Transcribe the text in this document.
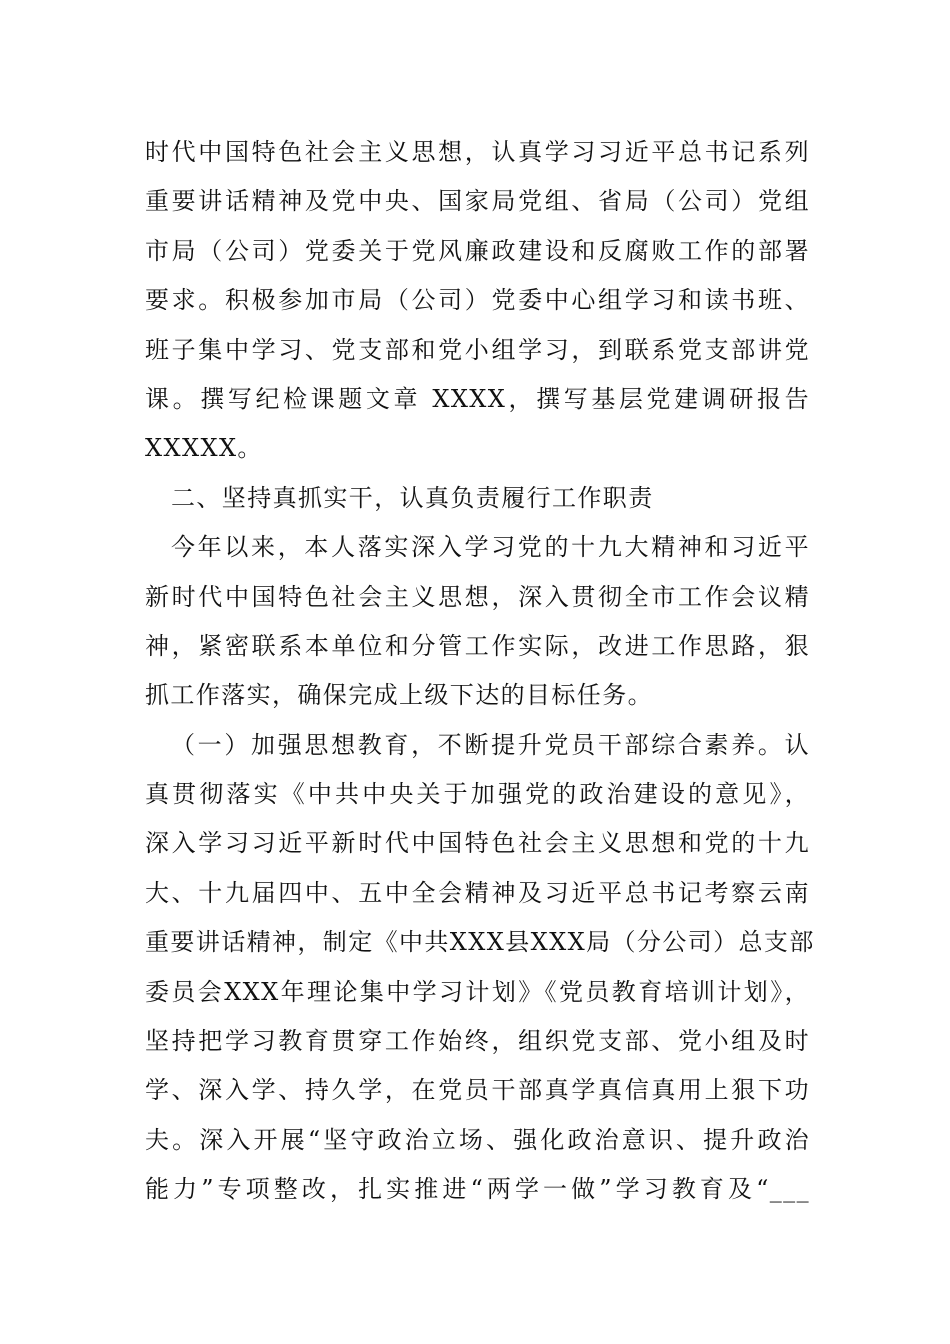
时代中国特色社会主义思想，认真学习习近平总书记系列
重要讲话精神及党中央、国家局党组、省局（公司）党组
市局（公司）党委关于党风廉政建设和反腐败工作的部署
要求。积极参加市局（公司）党委中心组学习和读书班、
班子集中学习、党支部和党小组学习，到联系党支部讲党
课。撰写纪检课题文章 XXXX，撰写基层党建调研报告
XXXXX。
二、坚持真抓实干，认真负责履行工作职责
今年以来，本人落实深入学习党的十九大精神和习近平
新时代中国特色社会主义思想，深入贯彻全市工作会议精
神，紧密联系本单位和分管工作实际，改进工作思路，狠
抓工作落实，确保完成上级下达的目标任务。
（一）加强思想教育，不断提升党员干部综合素养。认
真贯彻落实《中共中央关于加强党的政治建设的意见》，
深入学习习近平新时代中国特色社会主义思想和党的十九
大、十九届四中、五中全会精神及习近平总书记考察云南
重要讲话精神，制定《中共XXX县XXX局（分公司）总支部
委员会XXX年理论集中学习计划》《党员教育培训计划》，
坚持把学习教育贯穿工作始终，组织党支部、党小组及时
学、深入学、持久学，在党员干部真学真信真用上狠下功
夫。深入开展“坚守政治立场、强化政治意识、提升政治
能力”专项整改，扎实推进“两学一做”学习教育及“___
